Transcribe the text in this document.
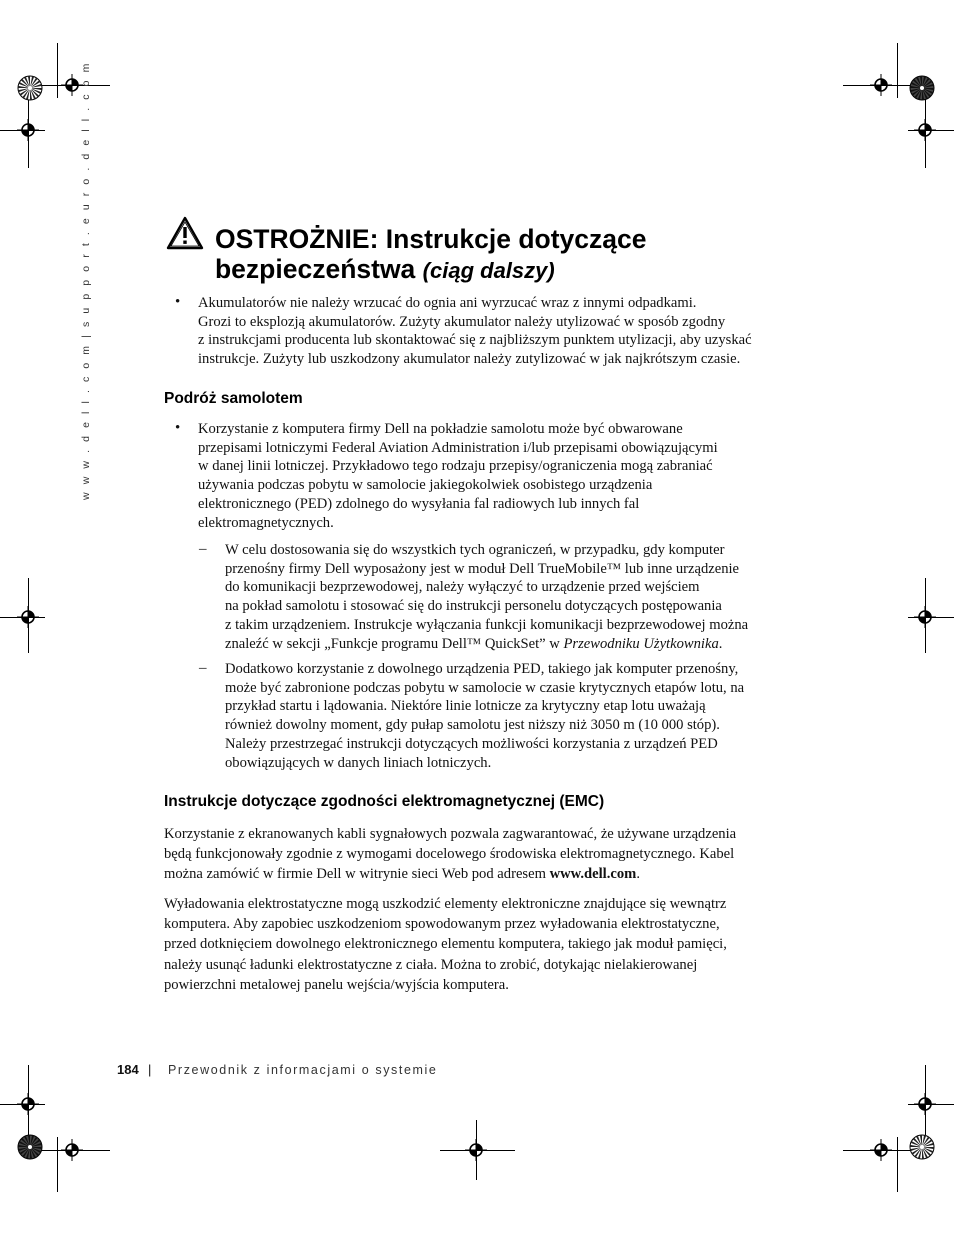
w w w . d e l l . c o m | s u p p o r t . e u r o . d e l l . c o m	OSTROŻNIE: Instrukcje dotyczące
bezpieczeństwa (ciąg dalszy)
• Akumulatorów nie należy wrzucać do ognia ani wyrzucać wraz z innymi odpadkami.

Grozi to eksplozją akumulatorów. Zużyty akumulator należy utylizować w sposób zgodny

z instrukcjami producenta lub skontaktować się z najbliższym punktem utylizacji, aby uzyskać

instrukcje. Zużyty lub uszkodzony akumulator należy zutylizować w jak najkrótszym czasie.

Podróż samolotem
• Korzystanie z komputera firmy Dell na pokładzie samolotu może być obwarowane

przepisami lotniczymi Federal Aviation Administration i/lub przepisami obowiązującymi

w danej linii lotniczej. Przykładowo tego rodzaju przepisy/ograniczenia mogą zabraniać

używania podczas pobytu w samolocie jakiegokolwiek osobistego urządzenia

elektronicznego (PED) zdolnego do wysyłania fal radiowych lub innych fal

elektromagnetycznych.

– W celu dostosowania się do wszystkich tych ograniczeń, w przypadku, gdy komputer

przenośny firmy Dell wyposażony jest w moduł Dell TrueMobile™ lub inne urządzenie

do komunikacji bezprzewodowej, należy wyłączyć to urządzenie przed wejściem

na pokład samolotu i stosować się do instrukcji personelu dotyczących postępowania

z takim urządzeniem. Instrukcje wyłączania funkcji komunikacji bezprzewodowej można

znaleźć w sekcji „Funkcje programu Dell™ QuickSet” w Przewodniku Użytkownika.

– Dodatkowo korzystanie z dowolnego urządzenia PED, takiego jak komputer przenośny,

może być zabronione podczas pobytu w samolocie w czasie krytycznych etapów lotu, na

przykład startu i lądowania. Niektóre linie lotnicze za krytyczny etap lotu uważają

również dowolny moment, gdy pułap samolotu jest niższy niż 3050 m (10 000 stóp).

Należy przestrzegać instrukcji dotyczących możliwości korzystania z urządzeń PED

obowiązujących w danych liniach lotniczych.

Instrukcje dotyczące zgodności elektromagnetycznej (EMC)

Korzystanie z ekranowanych kabli sygnałowych pozwala zagwarantować, że używane urządzenia

będą funkcjonowały zgodnie z wymogami docelowego środowiska elektromagnetycznego. Kabel

można zamówić w firmie Dell w witrynie sieci Web pod adresem www.dell.com.

Wyładowania elektrostatyczne mogą uszkodzić elementy elektroniczne znajdujące się wewnątrz

komputera. Aby zapobiec uszkodzeniom spowodowanym przez wyładowania elektrostatyczne,

przed dotknięciem dowolnego elektronicznego elementu komputera, takiego jak moduł pamięci,

należy usunąć ładunki elektrostatyczne z ciała. Można to zrobić, dotykając nielakierowanej

powierzchni metalowej panelu wejścia/wyjścia komputera.

184 | Przewodnik z informacjami o systemie
